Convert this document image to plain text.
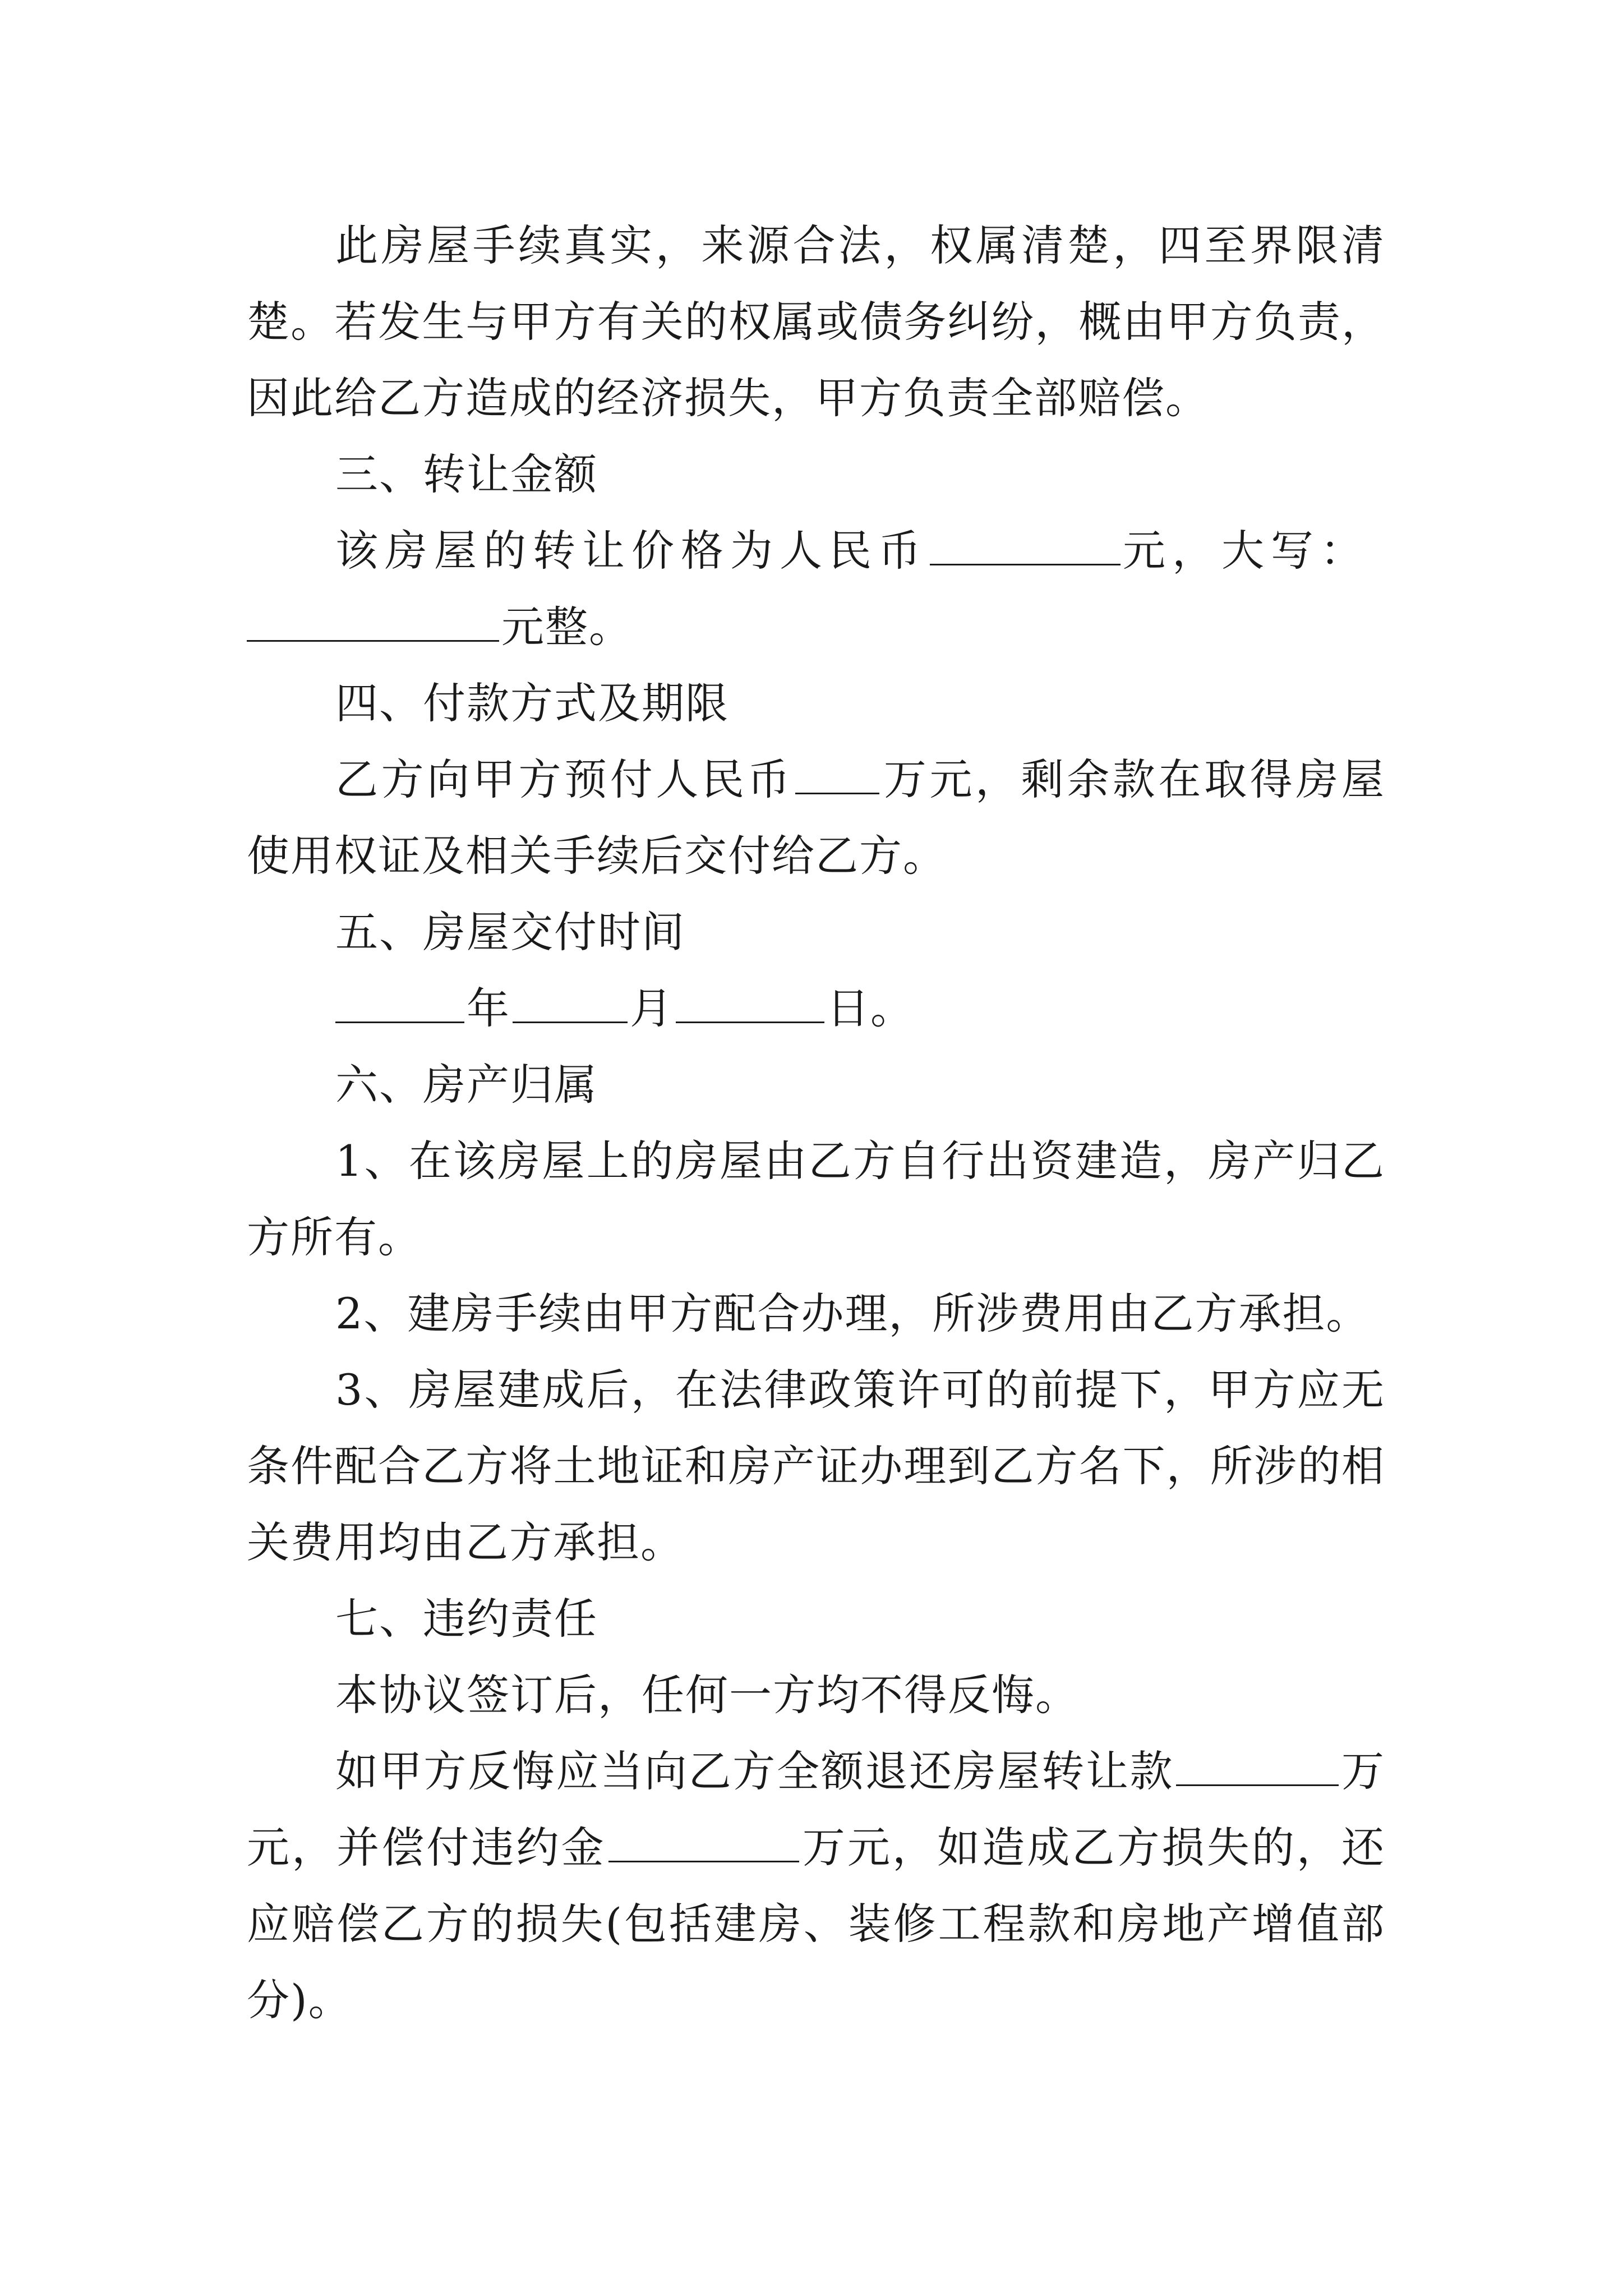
此房屋手续真实，来源合法，权属清楚，四至界限清楚。若发生与甲方有关的权属或债务纠纷，概由甲方负责，因此给乙方造成的经济损失，甲方负责全部赔偿。
三、转让金额
该房屋的转让价格为人民币	元，大写：
元整。
四、付款方式及期限
乙方向甲方预付人民币 万元，剩余款在取得房屋使用权证及相关手续后交付给乙方。
五、房屋交付时间
年	月	日。
六、房产归属
1、在该房屋上的房屋由乙方自行出资建造，房产归乙方所有。
2、建房手续由甲方配合办理，所涉费用由乙方承担。
3、房屋建成后，在法律政策许可的前提下，甲方应无条件配合乙方将土地证和房产证办理到乙方名下，所涉的相关费用均由乙方承担。
七、违约责任
本协议签订后，任何一方均不得反悔。
如甲方反悔应当向乙方全额退还房屋转让款	万元，并偿付违约金	万元，如造成乙方损失的，还应赔偿乙方的损失(包括建房、装修工程款和房地产增值部分)。
